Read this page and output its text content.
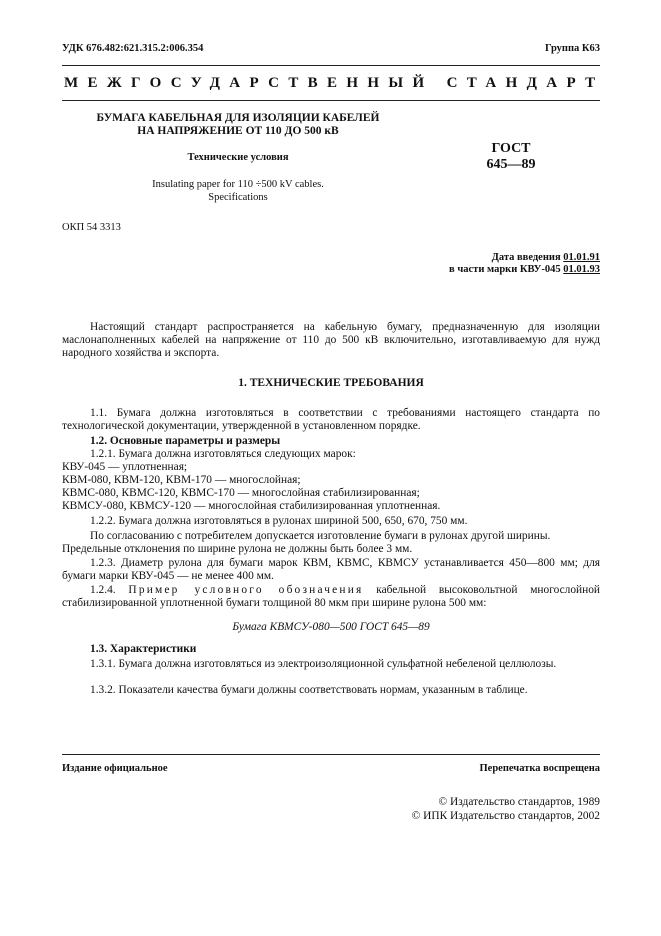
УДК 676.482:621.315.2:006.354	Группа К63
МЕЖГОСУДАРСТВЕННЫЙ СТАНДАРТ
БУМАГА КАБЕЛЬНАЯ ДЛЯ ИЗОЛЯЦИИ КАБЕЛЕЙ
НА НАПРЯЖЕНИЕ ОТ 110 ДО 500 кВ
Технические условия
Insulating paper for 110 ÷500 kV cables.
Specifications
ГОСТ
645—89
ОКП 54 3313
Дата введения 01.01.91
в части марки КВУ-045 01.01.93
Настоящий стандарт распространяется на кабельную бумагу, предназначенную для изоляции маслонаполненных кабелей на напряжение от 110 до 500 кВ включительно, изготавливаемую для нужд народного хозяйства и экспорта.
1. ТЕХНИЧЕСКИЕ ТРЕБОВАНИЯ
1.1. Бумага должна изготовляться в соответствии с требованиями настоящего стандарта по технологической документации, утвержденной в установленном порядке.
1.2. Основные параметры и размеры
1.2.1. Бумага должна изготовляться следующих марок:
КВУ-045 — уплотненная;
КВМ-080, КВМ-120, КВМ-170 — многослойная;
КВМС-080, КВМС-120, КВМС-170 — многослойная стабилизированная;
КВМСУ-080, КВМСУ-120 — многослойная стабилизированная уплотненная.
1.2.2. Бумага должна изготовляться в рулонах шириной 500, 650, 670, 750 мм.
По согласованию с потребителем допускается изготовление бумаги в рулонах другой ширины.
Предельные отклонения по ширине рулона не должны быть более 3 мм.
1.2.3. Диаметр рулона для бумаги марок КВМ, КВМС, КВМСУ устанавливается 450—800 мм; для бумаги марки КВУ-045 — не менее 400 мм.
1.2.4. Пример условного обозначения кабельной высоковольтной многослойной стабилизированной уплотненной бумаги толщиной 80 мкм при ширине рулона 500 мм:
Бумага КВМСУ-080—500 ГОСТ 645—89
1.3. Характеристики
1.3.1. Бумага должна изготовляться из электроизоляционной сульфатной небеленой целлюлозы.
1.3.2. Показатели качества бумаги должны соответствовать нормам, указанным в таблице.
Издание официальное	Перепечатка воспрещена
© Издательство стандартов, 1989
© ИПК Издательство стандартов, 2002
